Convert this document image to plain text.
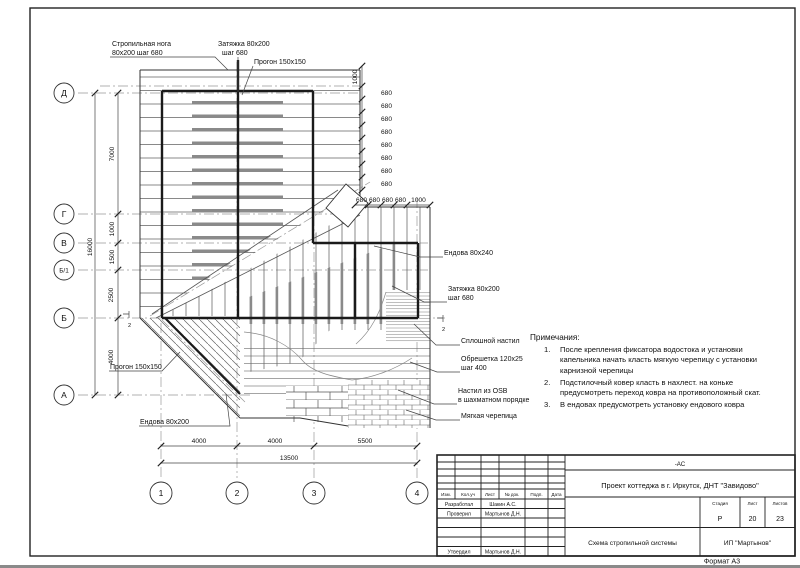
16000
7000
1000
1500
2500
4000
1000
680
680
680
680
680
680
680
680
680 680 680 680 1000
4000	4000	5500
13500
Д
Г
В
Б/1
Б
А
1	2	3	4
Стропильная нога
80x200 шаг 680
Затяжка 80x200
шаг 680
Прогон 150x150
Ендова 80x240
Затяжка 80x200
шаг 680
Сплошной настил
Обрешетка 120x25
шаг 400
Настил из OSB
в шахматном порядке
Мягкая черепица
Прогон 150x150
Ендова 80x200
2
2
Изм. Кол.уч Лист № док. Подп. Дата
Разработал	Шакин А.С.
Проверил	Мартынов Д.Н.
Утвердил	Мартынов Д.Н.
-АС
Проект коттеджа в г. Иркутск, ДНТ "Завидово"
Стадия	Лист	Листов
Р	20	23
Схема стропильной системы	ИП "Мартынов"
Формат А3
Примечания:
1. После крепления фиксатора водостока и установки капельника начать класть мягкую черепицу с установки карнизной черепицы
2. Подстилочный ковер класть в нахлест. на коньке предусмотреть переход ковра на противоположный скат.
3. В ендовах предусмотреть установку ендового ковра
